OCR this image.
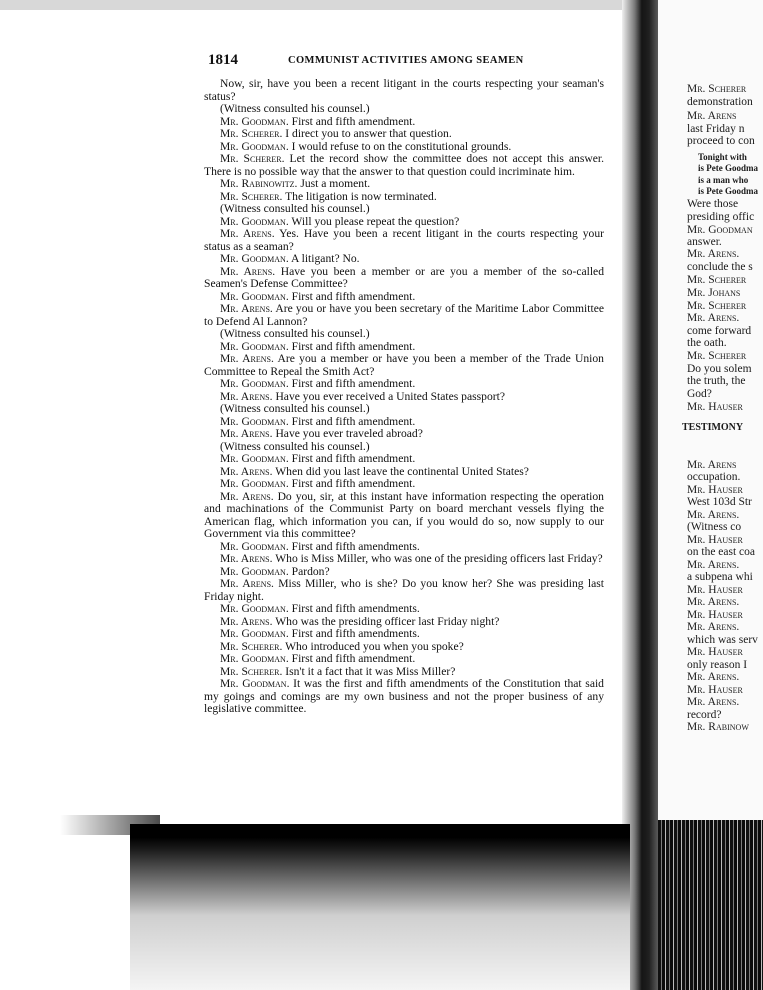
1814	COMMUNIST ACTIVITIES AMONG SEAMEN

Now, sir, have you been a recent litigant in the courts respecting your seaman's status?

(Witness consulted his counsel.)

Mr. Goodman. First and fifth amendment.

Mr. Scherer. I direct you to answer that question.

Mr. Goodman. I would refuse to on the constitutional grounds.

Mr. Scherer. Let the record show the committee does not accept this answer. There is no possible way that the answer to that question could incriminate him.

Mr. Rabinowitz. Just a moment.

Mr. Scherer. The litigation is now terminated.

(Witness consulted his counsel.)

Mr. Goodman. Will you please repeat the question?

Mr. Arens. Yes. Have you been a recent litigant in the courts respecting your status as a seaman?

Mr. Goodman. A litigant? No.

Mr. Arens. Have you been a member or are you a member of the so-called Seamen's Defense Committee?

Mr. Goodman. First and fifth amendment.

Mr. Arens. Are you or have you been secretary of the Maritime Labor Committee to Defend Al Lannon?

(Witness consulted his counsel.)

Mr. Goodman. First and fifth amendment.

Mr. Arens. Are you a member or have you been a member of the Trade Union Committee to Repeal the Smith Act?

Mr. Goodman. First and fifth amendment.

Mr. Arens. Have you ever received a United States passport?

(Witness consulted his counsel.)

Mr. Goodman. First and fifth amendment.

Mr. Arens. Have you ever traveled abroad?

(Witness consulted his counsel.)

Mr. Goodman. First and fifth amendment.

Mr. Arens. When did you last leave the continental United States?

Mr. Goodman. First and fifth amendment.

Mr. Arens. Do you, sir, at this instant have information respecting the operation and machinations of the Communist Party on board merchant vessels flying the American flag, which information you can, if you would do so, now supply to our Government via this committee?

Mr. Goodman. First and fifth amendments.

Mr. Arens. Who is Miss Miller, who was one of the presiding officers last Friday?

Mr. Goodman. Pardon?

Mr. Arens. Miss Miller, who is she? Do you know her? She was presiding last Friday night.

Mr. Goodman. First and fifth amendments.

Mr. Arens. Who was the presiding officer last Friday night?

Mr. Goodman. First and fifth amendments.

Mr. Scherer. Who introduced you when you spoke?

Mr. Goodman. First and fifth amendment.

Mr. Scherer. Isn't it a fact that it was Miss Miller?

Mr. Goodman. It was the first and fifth amendments of the Constitution that said my goings and comings are my own business and not the proper business of any legislative committee.

Mr. Scherer
demonstration
Mr. Arens
last Friday n
proceed to con
Tonight with
is Pete Goodma
is a man who
is Pete Goodma
Were those
presiding offic
Mr. Goodman
answer.
Mr. Arens.
conclude the s
Mr. Scherer
Mr. Johans
Mr. Scherer
Mr. Arens.
come forward
the oath.
Mr. Scherer
Do you solem
the truth, the
God?
Mr. Hauser
TESTIMONY
Mr. Arens
occupation.
Mr. Hauser
West 103d Str
Mr. Arens.
(Witness co
Mr. Hauser
on the east coa
Mr. Arens.
a subpena whi
Mr. Hauser
Mr. Arens.
Mr. Hauser
Mr. Arens.
which was serv
Mr. Hauser
only reason I
Mr. Arens.
Mr. Hauser
Mr. Arens.
record?
Mr. Rabinow
